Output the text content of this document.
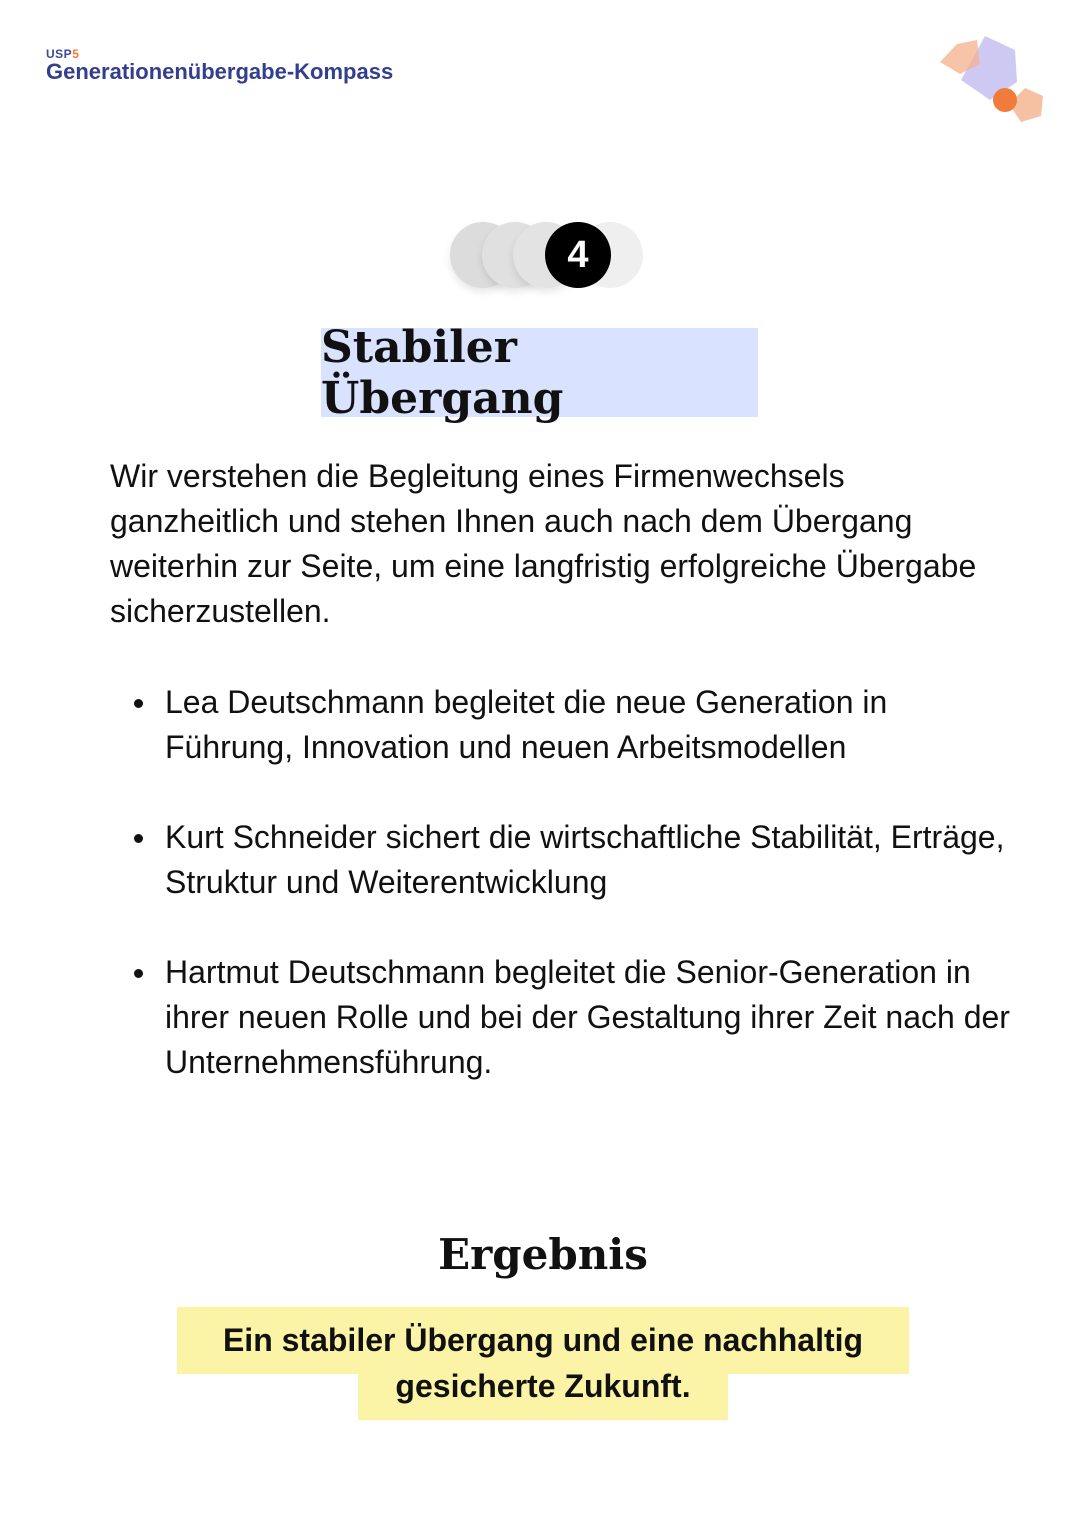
USP5
Generationenübergabe-Kompass
4
Stabiler Übergang

Wir verstehen die Begleitung eines Firmenwechsels ganzheitlich und stehen Ihnen auch nach dem Übergang weiterhin zur Seite, um eine langfristig erfolgreiche Übergabe sicherzustellen.

Lea Deutschmann begleitet die neue Generation in Führung, Innovation und neuen Arbeitsmodellen
Kurt Schneider sichert die wirtschaftliche Stabilität, Erträge, Struktur und Weiterentwicklung
Hartmut Deutschmann begleitet die Senior-Generation in ihrer neuen Rolle und bei der Gestaltung ihrer Zeit nach der Unternehmensführung.
Ergebnis

Ein stabiler Übergang und eine nachhaltig gesicherte Zukunft.
